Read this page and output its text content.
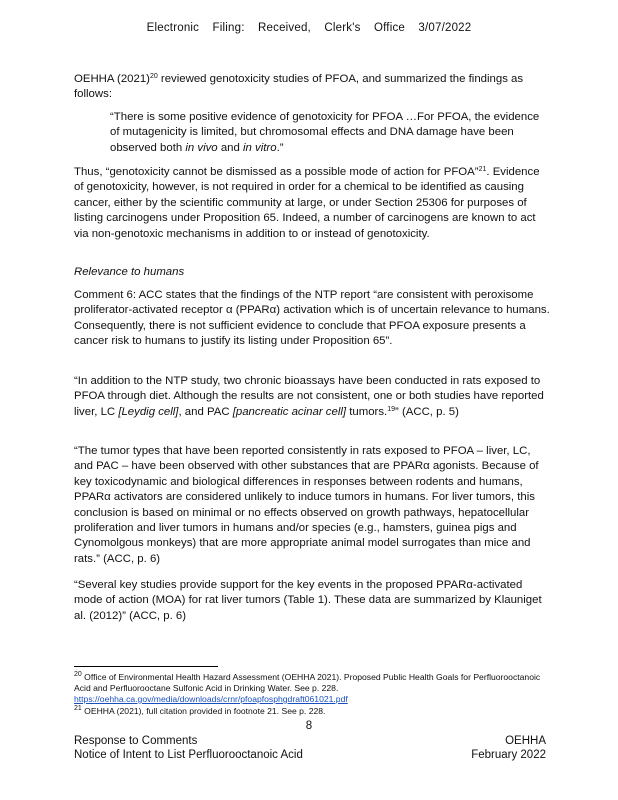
Electronic Filing: Received, Clerk's Office 3/07/2022

OEHHA $(2021)^{20}$ reviewed genotoxicity studies of PFOA, and summarized the findings as follows:

“There is some positive evidence of genotoxicity for PFOA …For PFOA, the evidence of mutagenicity is limited, but chromosomal effects and DNA damage have been observed both in vivo and in vitro.”

Thus, “genotoxicity cannot be dismissed as a possible mode of action for PFOA”$^{21}$. Evidence of genotoxicity, however, is not required in order for a chemical to be identified as causing cancer, either by the scientific community at large, or under Section 25306 for purposes of listing carcinogens under Proposition 65. Indeed, a number of carcinogens are known to act via non-genotoxic mechanisms in addition to or instead of genotoxicity.

Relevance to humans

Comment 6: ACC states that the findings of the NTP report “are consistent with peroxisome proliferator-activated receptor α (PPARα) activation which is of uncertain relevance to humans. Consequently, there is not sufficient evidence to conclude that PFOA exposure presents a cancer risk to humans to justify its listing under Proposition 65”.

“In addition to the NTP study, two chronic bioassays have been conducted in rats exposed to PFOA through diet. Although the results are not consistent, one or both studies have reported liver, LC [Leydig cell], and PAC [pancreatic acinar cell] tumors.$^{19}$” (ACC, p. 5)

“The tumor types that have been reported consistently in rats exposed to PFOA – liver, LC, and PAC – have been observed with other substances that are PPARα agonists. Because of key toxicodynamic and biological differences in responses between rodents and humans, PPARα activators are considered unlikely to induce tumors in humans. For liver tumors, this conclusion is based on minimal or no effects observed on growth pathways, hepatocellular proliferation and liver tumors in humans and/or species (e.g., hamsters, guinea pigs and Cynomolgous monkeys) that are more appropriate animal model surrogates than mice and rats.” (ACC, p. 6)

“Several key studies provide support for the key events in the proposed PPARα-activated mode of action (MOA) for rat liver tumors (Table 1). These data are summarized by Klauniget al. (2012)” (ACC, p. 6)

$^{20}$ Office of Environmental Health Hazard Assessment (OEHHA 2021). Proposed Public Health Goals for Perfluorooctanoic Acid and Perfluorooctane Sulfonic Acid in Drinking Water. See p. 228. https://oehha.ca.gov/media/downloads/crnr/pfoapfosphgdraft061021.pdf
$^{21}$ OEHHA (2021), full citation provided in footnote 21. See p. 228.
8
Response to Comments	OEHHA
Notice of Intent to List Perfluorooctanoic Acid	February 2022
